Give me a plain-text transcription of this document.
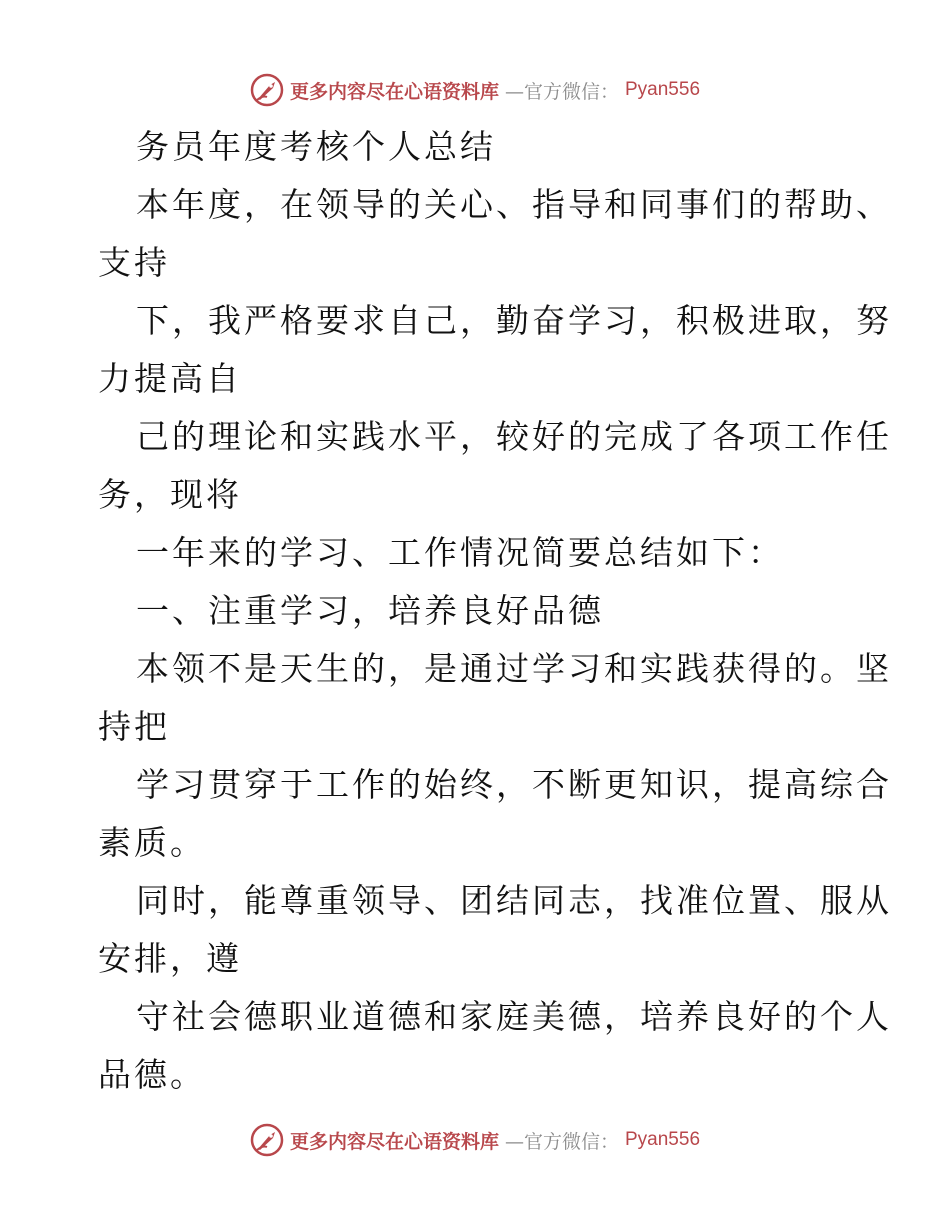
更多内容尽在心语资料库 —官方微信： Pyan556
务员年度考核个人总结
本年度，在领导的关心、指导和同事们的帮助、
支持
下，我严格要求自己，勤奋学习，积极进取，努
力提高自
己的理论和实践水平，较好的完成了各项工作任
务，现将
一年来的学习、工作情况简要总结如下：
一、注重学习，培养良好品德
本领不是天生的，是通过学习和实践获得的。坚
持把
学习贯穿于工作的始终，不断更知识，提高综合
素质。
同时，能尊重领导、团结同志，找准位置、服从
安排，遵
守社会德职业道德和家庭美德，培养良好的个人
品德。
更多内容尽在心语资料库 —官方微信： Pyan556
